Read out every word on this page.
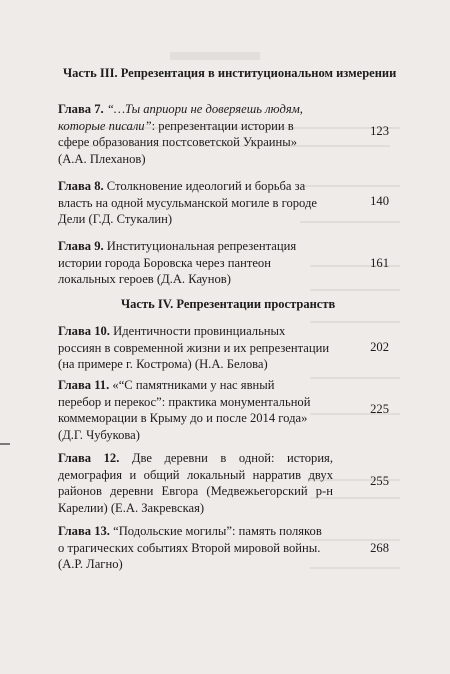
Часть III. Репрезентация в институциональном измерении
Глава 7. “…Ты априори не доверяешь людям,
которые писали”: репрезентации истории в
сфере образования постсоветской Украины»
(А.А. Плеханов)
123
Глава 8. Столкновение идеологий и борьба за
власть на одной мусульманской могиле в городе
Дели (Г.Д. Стукалин)
140
Глава 9. Институциональная репрезентация
истории города Боровска через пантеон
локальных героев (Д.А. Каунов)
161
Часть IV. Репрезентации пространств
Глава 10. Идентичности провинциальных
россиян в современной жизни и их репрезентации
(на примере г. Кострома) (Н.А. Белова)
202
Глава 11. «“С памятниками у нас явный
перебор и перекос”: практика монументальной
коммеморации в Крыму до и после 2014 года»
(Д.Г. Чубукова)
225
Глава 12. Две деревни в одной: история,
демография и общий локальный нарратив двух
районов деревни Евгора (Медвежьегорский р-н
Карелии) (Е.А. Закревская)
255
Глава 13. “Подольские могилы”: память поляков
о трагических событиях Второй мировой войны.
(А.Р. Лагно)
268
